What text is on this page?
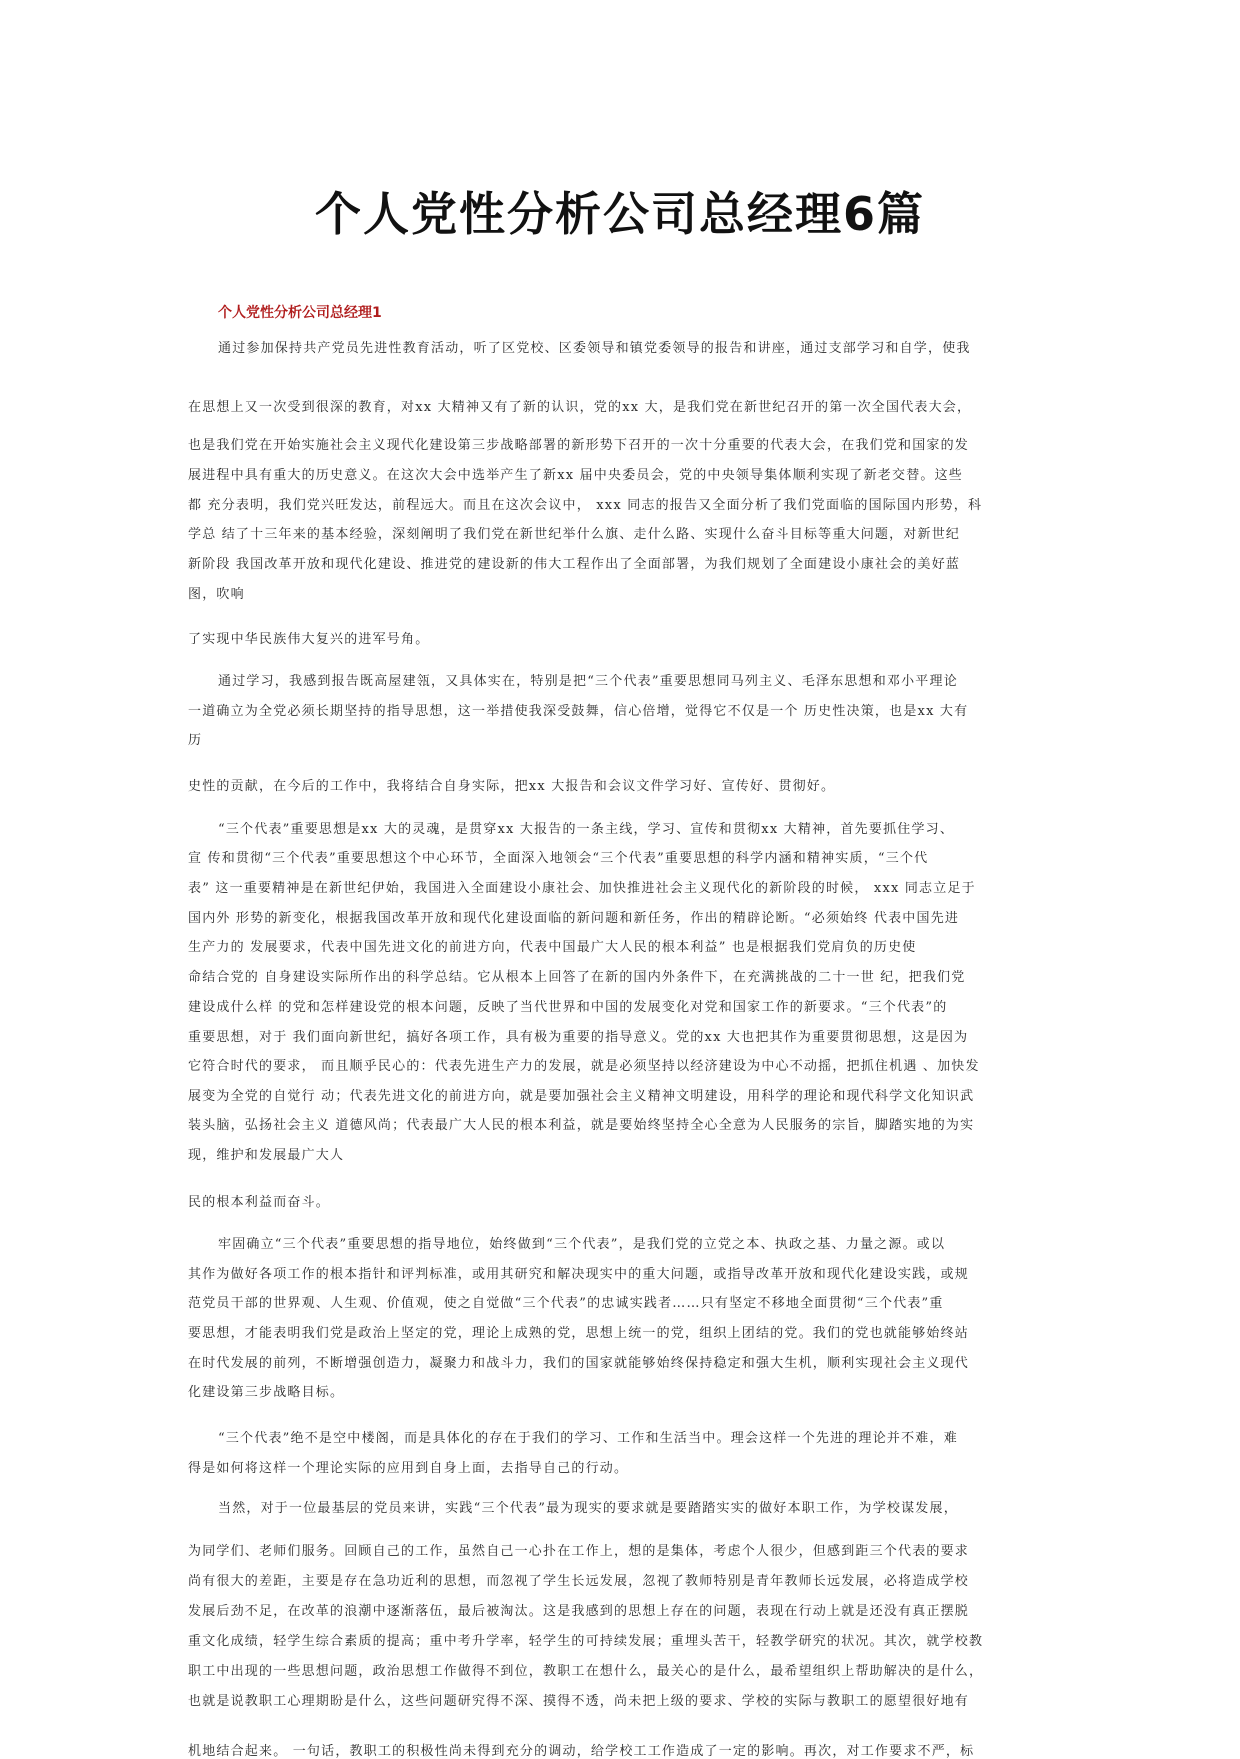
个人党性分析公司总经理6篇
个人党性分析公司总经理1
通过参加保持共产党员先进性教育活动，听了区党校、区委领导和镇党委领导的报告和讲座，通过支部学习和自学，使我
在思想上又一次受到很深的教育，对xx 大精神又有了新的认识，党的xx 大，是我们党在新世纪召开的第一次全国代表大会，
也是我们党在开始实施社会主义现代化建设第三步战略部署的新形势下召开的一次十分重要的代表大会，在我们党和国家的发
展进程中具有重大的历史意义。在这次大会中选举产生了新xx 届中央委员会，党的中央领导集体顺利实现了新老交替。这些
都 充分表明，我们党兴旺发达，前程远大。而且在这次会议中， xxx 同志的报告又全面分析了我们党面临的国际国内形势，科
学总 结了十三年来的基本经验，深刻阐明了我们党在新世纪举什么旗、走什么路、实现什么奋斗目标等重大问题，对新世纪
新阶段 我国改革开放和现代化建设、推进党的建设新的伟大工程作出了全面部署，为我们规划了全面建设小康社会的美好蓝
图，吹响
了实现中华民族伟大复兴的进军号角。
通过学习，我感到报告既高屋建瓴，又具体实在，特别是把“三个代表”重要思想同马列主义、毛泽东思想和邓小平理论
一道确立为全党必须长期坚持的指导思想，这一举措使我深受鼓舞，信心倍增，觉得它不仅是一个 历史性决策，也是xx 大有
历
史性的贡献，在今后的工作中，我将结合自身实际，把xx 大报告和会议文件学习好、宣传好、贯彻好。
“三个代表”重要思想是xx 大的灵魂，是贯穿xx 大报告的一条主线，学习、宣传和贯彻xx 大精神，首先要抓住学习、
宣 传和贯彻“三个代表”重要思想这个中心环节，全面深入地领会“三个代表”重要思想的科学内涵和精神实质，“三个代
表” 这一重要精神是在新世纪伊始，我国进入全面建设小康社会、加快推进社会主义现代化的新阶段的时候， xxx 同志立足于
国内外 形势的新变化，根据我国改革开放和现代化建设面临的新问题和新任务，作出的精辟论断。“必须始终 代表中国先进
生产力的 发展要求，代表中国先进文化的前进方向，代表中国最广大人民的根本利益” 也是根据我们党肩负的历史使
命结合党的 自身建设实际所作出的科学总结。它从根本上回答了在新的国内外条件下，在充满挑战的二十一世 纪，把我们党
建设成什么样 的党和怎样建设党的根本问题，反映了当代世界和中国的发展变化对党和国家工作的新要求。“三个代表”的
重要思想，对于 我们面向新世纪，搞好各项工作，具有极为重要的指导意义。党的xx 大也把其作为重要贯彻思想，这是因为
它符合时代的要求， 而且顺乎民心的：代表先进生产力的发展，就是必须坚持以经济建设为中心不动摇，把抓住机遇 、加快发
展变为全党的自觉行 动；代表先进文化的前进方向，就是要加强社会主义精神文明建设，用科学的理论和现代科学文化知识武
装头脑，弘扬社会主义 道德风尚；代表最广大人民的根本利益，就是要始终坚持全心全意为人民服务的宗旨，脚踏实地的为实
现，维护和发展最广大人
民的根本利益而奋斗。
牢固确立“三个代表”重要思想的指导地位，始终做到“三个代表”，是我们党的立党之本、执政之基、力量之源。或以
其作为做好各项工作的根本指针和评判标准，或用其研究和解决现实中的重大问题，或指导改革开放和现代化建设实践，或规
范党员干部的世界观、人生观、价值观，使之自觉做“三个代表”的忠诚实践者……只有坚定不移地全面贯彻“三个代表”重
要思想，才能表明我们党是政治上坚定的党，理论上成熟的党，思想上统一的党，组织上团结的党。我们的党也就能够始终站
在时代发展的前列，不断增强创造力，凝聚力和战斗力，我们的国家就能够始终保持稳定和强大生机，顺利实现社会主义现代
化建设第三步战略目标。
“三个代表”绝不是空中楼阁，而是具体化的存在于我们的学习、工作和生活当中。理会这样一个先进的理论并不难，难
得是如何将这样一个理论实际的应用到自身上面，去指导自己的行动。
当然，对于一位最基层的党员来讲，实践“三个代表”最为现实的要求就是要踏踏实实的做好本职工作，为学校谋发展，
为同学们、老师们服务。回顾自己的工作，虽然自己一心扑在工作上，想的是集体，考虑个人很少，但感到距三个代表的要求
尚有很大的差距，主要是存在急功近利的思想，而忽视了学生长远发展，忽视了教师特别是青年教师长远发展，必将造成学校
发展后劲不足，在改革的浪潮中逐渐落伍，最后被淘汰。这是我感到的思想上存在的问题，表现在行动上就是还没有真正摆脱
重文化成绩，轻学生综合素质的提高；重中考升学率，轻学生的可持续发展；重埋头苦干，轻教学研究的状况。其次，就学校教
职工中出现的一些思想问题，政治思想工作做得不到位，教职工在想什么，最关心的是什么，最希望组织上帮助解决的是什么，
也就是说教职工心理期盼是什么，这些问题研究得不深、摸得不透，尚未把上级的要求、学校的实际与教职工的愿望很好地有
机地结合起来。 一句话，教职工的积极性尚未得到充分的调动，给学校工工作造成了一定的影响。再次，对工作要求不严，标
